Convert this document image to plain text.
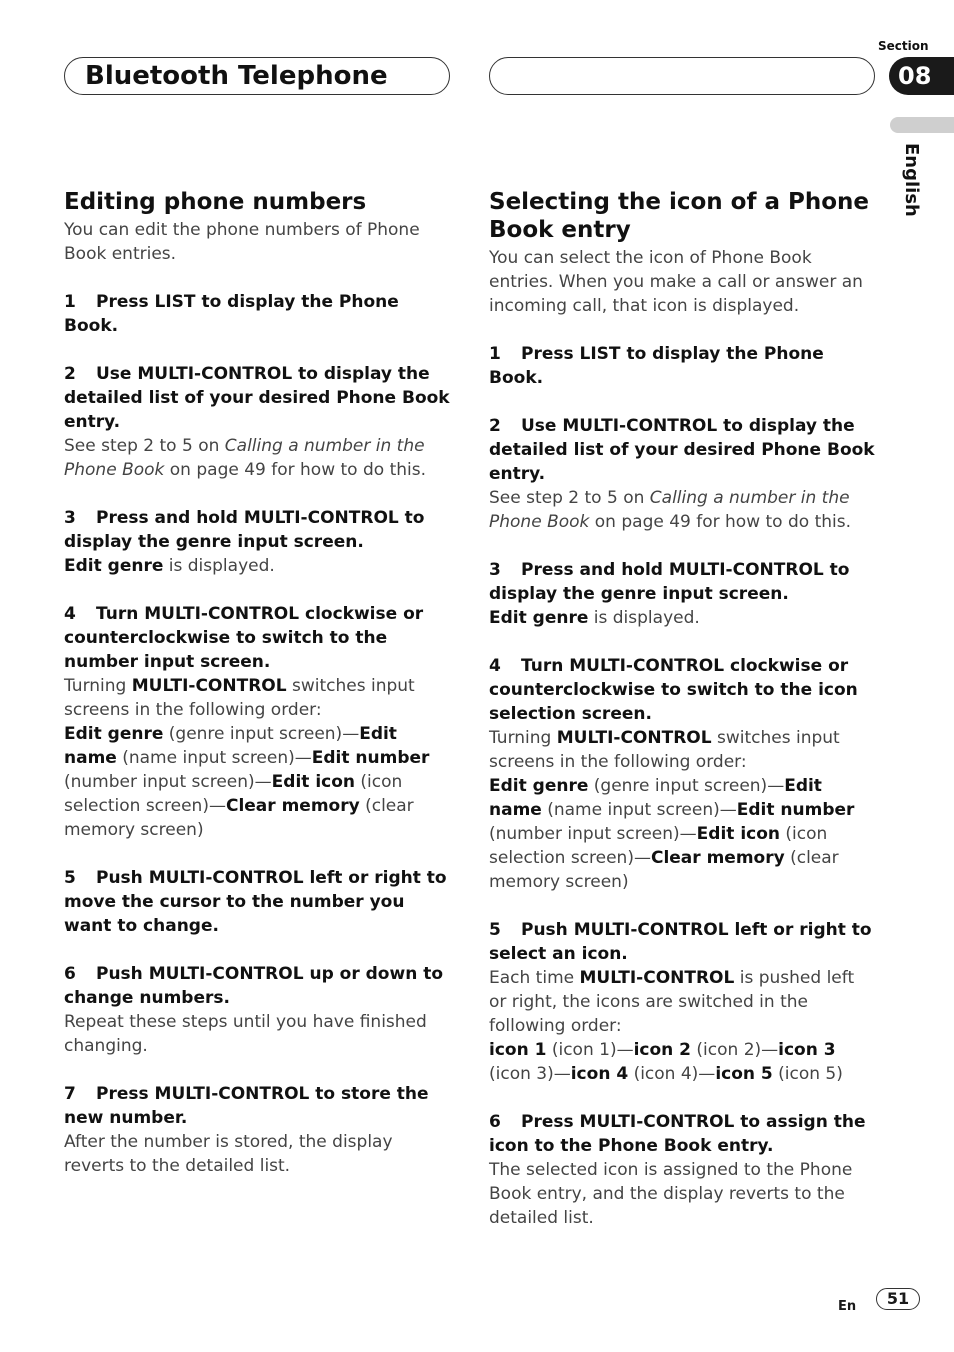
Bluetooth Telephone
Section
08
English
Editing phone numbers

You can edit the phone numbers of Phone Book entries.

1 Press LIST to display the Phone Book.

2 Use MULTI-CONTROL to display the detailed list of your desired Phone Book entry.

See step 2 to 5 on Calling a number in the Phone Book on page 49 for how to do this.

3 Press and hold MULTI-CONTROL to display the genre input screen.

Edit genre is displayed.

4 Turn MULTI-CONTROL clockwise or counterclockwise to switch to the number input screen.

Turning MULTI-CONTROL switches input screens in the following order:

Edit genre (genre input screen)—Edit name (name input screen)—Edit number (number input screen)—Edit icon (icon selection screen)—Clear memory (clear memory screen)

5 Push MULTI-CONTROL left or right to move the cursor to the number you want to change.

6 Push MULTI-CONTROL up or down to change numbers.

Repeat these steps until you have finished changing.

7 Press MULTI-CONTROL to store the new number.

After the number is stored, the display reverts to the detailed list.

Selecting the icon of a Phone Book entry

You can select the icon of Phone Book entries. When you make a call or answer an incoming call, that icon is displayed.

1 Press LIST to display the Phone Book.

2 Use MULTI-CONTROL to display the detailed list of your desired Phone Book entry.

See step 2 to 5 on Calling a number in the Phone Book on page 49 for how to do this.

3 Press and hold MULTI-CONTROL to display the genre input screen.

Edit genre is displayed.

4 Turn MULTI-CONTROL clockwise or counterclockwise to switch to the icon selection screen.

Turning MULTI-CONTROL switches input screens in the following order:

Edit genre (genre input screen)—Edit name (name input screen)—Edit number (number input screen)—Edit icon (icon selection screen)—Clear memory (clear memory screen)

5 Push MULTI-CONTROL left or right to select an icon.

Each time MULTI-CONTROL is pushed left or right, the icons are switched in the following order:

icon 1 (icon 1)—icon 2 (icon 2)—icon 3 (icon 3)—icon 4 (icon 4)—icon 5 (icon 5)

6 Press MULTI-CONTROL to assign the icon to the Phone Book entry.

The selected icon is assigned to the Phone Book entry, and the display reverts to the detailed list.

En	51
